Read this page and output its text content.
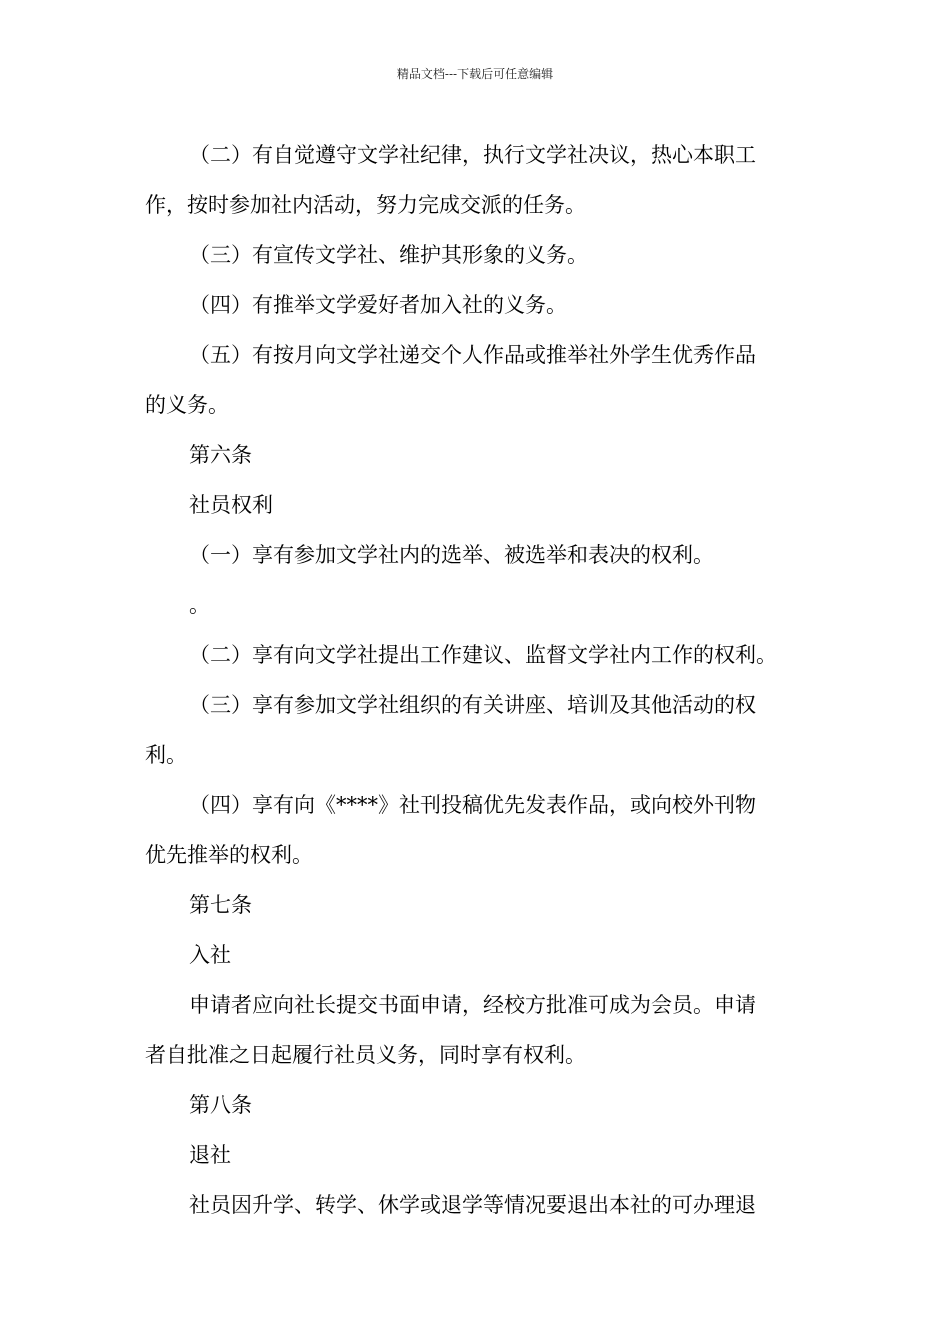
精品文档---下载后可任意编辑
（二）有自觉遵守文学社纪律，执行文学社决议，热心本职工
作，按时参加社内活动，努力完成交派的任务。
（三）有宣传文学社、维护其形象的义务。
（四）有推举文学爱好者加入社的义务。
（五）有按月向文学社递交个人作品或推举社外学生优秀作品
的义务。
第六条
社员权利
（一）享有参加文学社内的选举、被选举和表决的权利。
。
（二）享有向文学社提出工作建议、监督文学社内工作的权利。
（三）享有参加文学社组织的有关讲座、培训及其他活动的权
利。
（四）享有向《****》社刊投稿优先发表作品，或向校外刊物
优先推举的权利。
第七条
入社
申请者应向社长提交书面申请，经校方批准可成为会员。申请
者自批准之日起履行社员义务，同时享有权利。
第八条
退社
社员因升学、转学、休学或退学等情况要退出本社的可办理退
